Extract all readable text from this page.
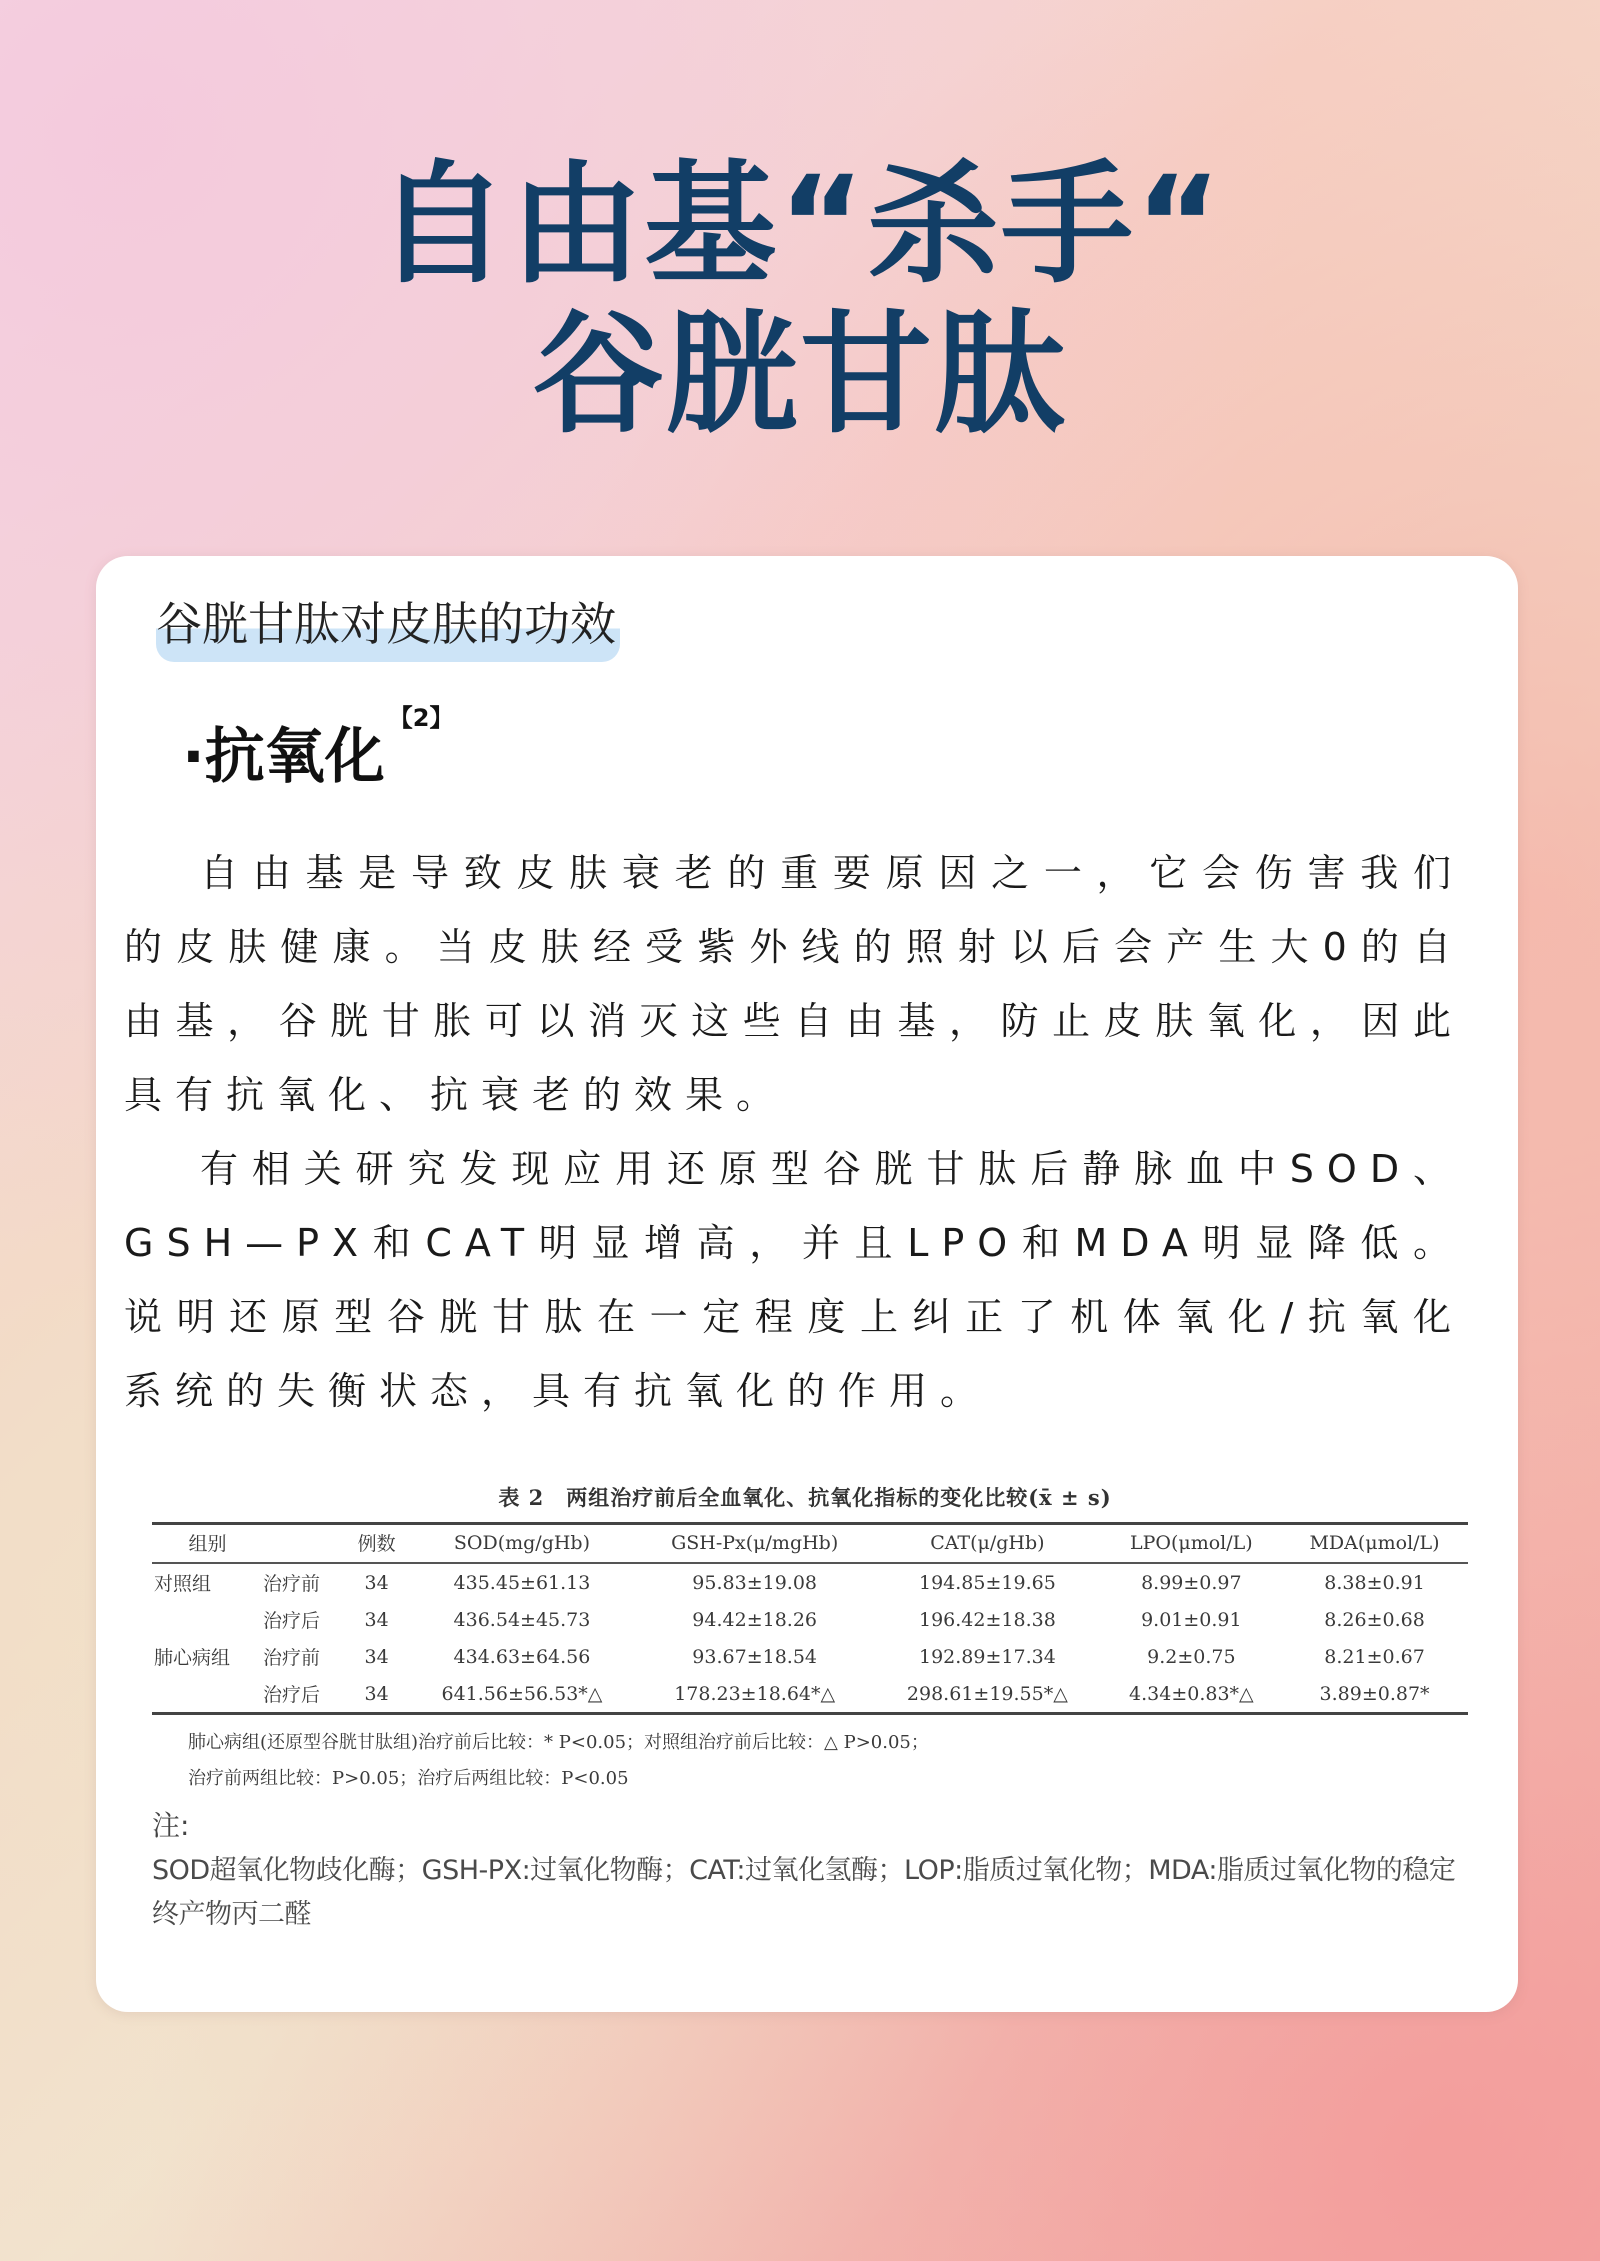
自由基“杀手“
谷胱甘肽
谷胱甘肽对皮肤的功效
·抗氧化$^{【2】}$
自由基是导致皮肤衰老的重要原因之一，它会伤害我们的皮肤健康。当皮肤经受紫外线的照射以后会产生大0的自由基，谷胱甘胀可以消灭这些自由基，防止皮肤氧化，因此具有抗氧化、抗衰老的效果。
有相关研究发现应用还原型谷胱甘肽后静脉血中SOD、GSH—PX和CAT明显增高，并且LPO和MDA明显降低。说明还原型谷胱甘肽在一定程度上纠正了机体氧化/抗氧化系统的失衡状态，具有抗氧化的作用。
表 2　两组治疗前后全血氧化、抗氧化指标的变化比较(x̄ ± s)
组别		例数	SOD(mg/gHb)	GSH-Px(μ/mgHb)	CAT(μ/gHb)	LPO(μmol/L)	MDA(μmol/L)
对照组	治疗前	34	435.45±61.13	95.83±19.08	194.85±19.65	8.99±0.97	8.38±0.91
	治疗后	34	436.54±45.73	94.42±18.26	196.42±18.38	9.01±0.91	8.26±0.68
肺心病组	治疗前	34	434.63±64.56	93.67±18.54	192.89±17.34	9.2±0.75	8.21±0.67
	治疗后	34	641.56±56.53*△	178.23±18.64*△	298.61±19.55*△	4.34±0.83*△	3.89±0.87*
肺心病组(还原型谷胱甘肽组)治疗前后比较：* P<0.05；对照组治疗前后比较：△ P>0.05；
治疗前两组比较：P>0.05；治疗后两组比较：P<0.05
注:
SOD超氧化物歧化酶；GSH-PX:过氧化物酶；CAT:过氧化氢酶；LOP:脂质过氧化物；MDA:脂质过氧化物的稳定终产物丙二醛
